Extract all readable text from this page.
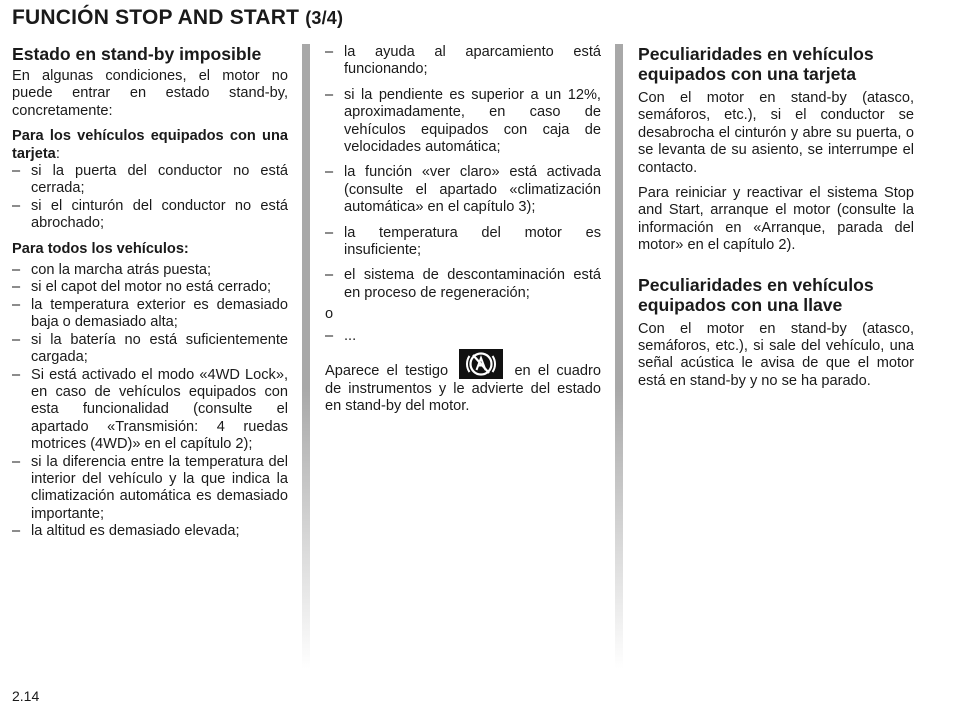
FUNCIÓN STOP AND START (3/4)
Estado en stand-by imposible

En algunas condiciones, el motor no puede entrar en estado stand-by, concretamente:

Para los vehículos equipados con una tarjeta:

– si la puerta del conductor no está cerrada;
– si el cinturón del conductor no está abrochado;

Para todos los vehículos:

– con la marcha atrás puesta;
– si el capot del motor no está cerrado;
– la temperatura exterior es demasiado baja o demasiado alta;
– si la batería no está suficientemente cargada;
– Si está activado el modo «4WD Lock», en caso de vehículos equipados con esta funcionalidad (consulte el apartado «Transmisión: 4 ruedas motrices (4WD)» en el capítulo 2);
– si la diferencia entre la temperatura del interior del vehículo y la que indica la climatización automática es demasiado importante;
– la altitud es demasiado elevada;
– la ayuda al aparcamiento está funcionando;
– si la pendiente es superior a un 12%, aproximadamente, en caso de vehículos equipados con caja de velocidades automática;
– la función «ver claro» está activada (consulte el apartado «climatización automática» en el capítulo 3);
– la temperatura del motor es insuficiente;
– el sistema de descontaminación está en proceso de regeneración;

o

– ...

Aparece el testigo	en el cuadro de instrumentos y le advierte del estado en stand-by del motor.

Peculiaridades en vehículos equipados con una tarjeta

Con el motor en stand-by (atasco, semáforos, etc.), si el conductor se desabrocha el cinturón y abre su puerta, o se levanta de su asiento, se interrumpe el contacto.

Para reiniciar y reactivar el sistema Stop and Start, arranque el motor (consulte la información en «Arranque, parada del motor» en el capítulo 2).

Peculiaridades en vehículos equipados con una llave

Con el motor en stand-by (atasco, semáforos, etc.), si sale del vehículo, una señal acústica le avisa de que el motor está en stand-by y no se ha parado.

2.14
